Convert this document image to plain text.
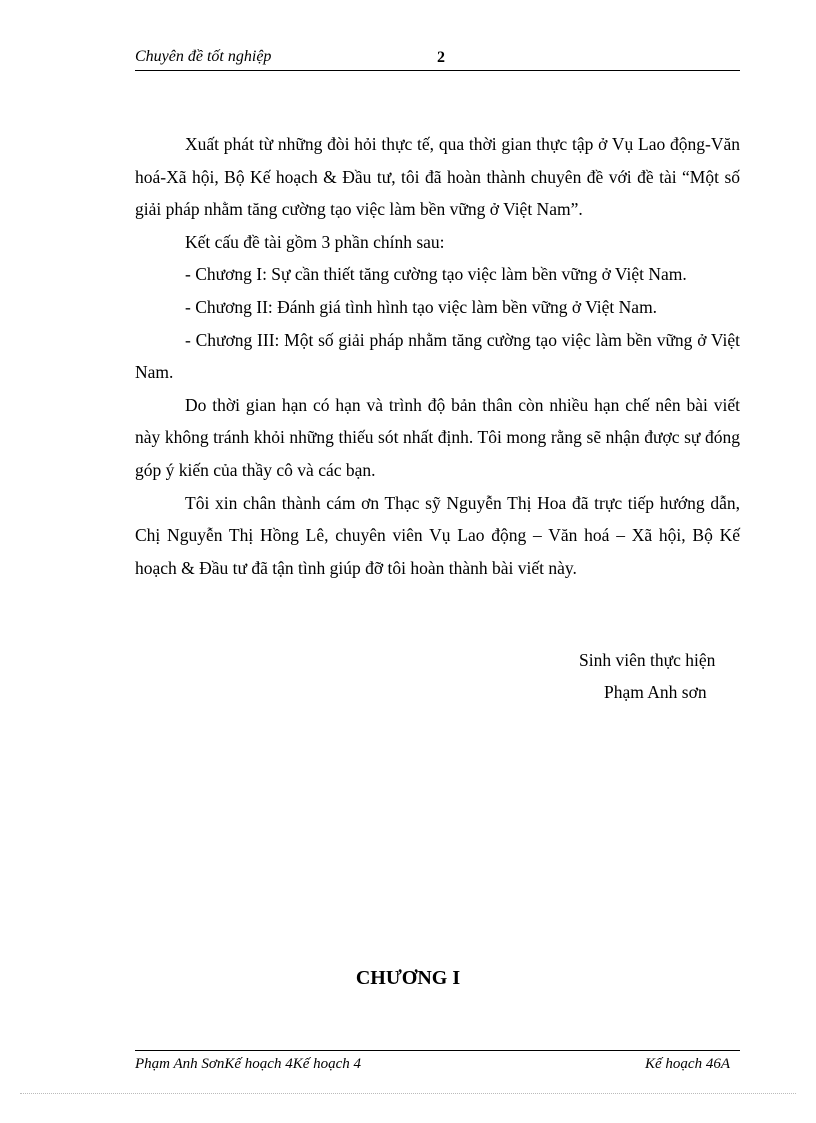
Chuyên đề tốt nghiệp	2

Xuất phát từ những đòi hỏi thực tế, qua thời gian thực tập ở Vụ Lao động-Văn hoá-Xã hội, Bộ Kế hoạch & Đầu tư, tôi đã hoàn thành chuyên đề với đề tài “Một số giải pháp nhằm tăng cường tạo việc làm bền vững ở Việt Nam”.

Kết cấu đề tài gồm 3 phần chính sau:

- Chương I: Sự cần thiết tăng cường tạo việc làm bền vững ở Việt Nam.

- Chương II: Đánh giá tình hình tạo việc làm bền vững ở Việt Nam.

- Chương III: Một số giải pháp nhằm tăng cường tạo việc làm bền vững ở Việt Nam.

Do thời gian hạn có hạn và trình độ bản thân còn nhiều hạn chế nên bài viết này không tránh khỏi những thiếu sót nhất định. Tôi mong rằng sẽ nhận được sự đóng góp ý kiến của thầy cô và các bạn.

Tôi xin chân thành cám ơn Thạc sỹ Nguyễn Thị Hoa đã trực tiếp hướng dẫn, Chị Nguyễn Thị Hồng Lê, chuyên viên Vụ Lao động – Văn hoá – Xã hội, Bộ Kế hoạch & Đầu tư đã tận tình giúp đỡ tôi hoàn thành bài viết này.

Sinh viên thực hiện
Phạm Anh sơn
CHƯƠNG I
Phạm Anh SơnKế hoạch 4Kế hoạch 4	Kế hoạch 46A
